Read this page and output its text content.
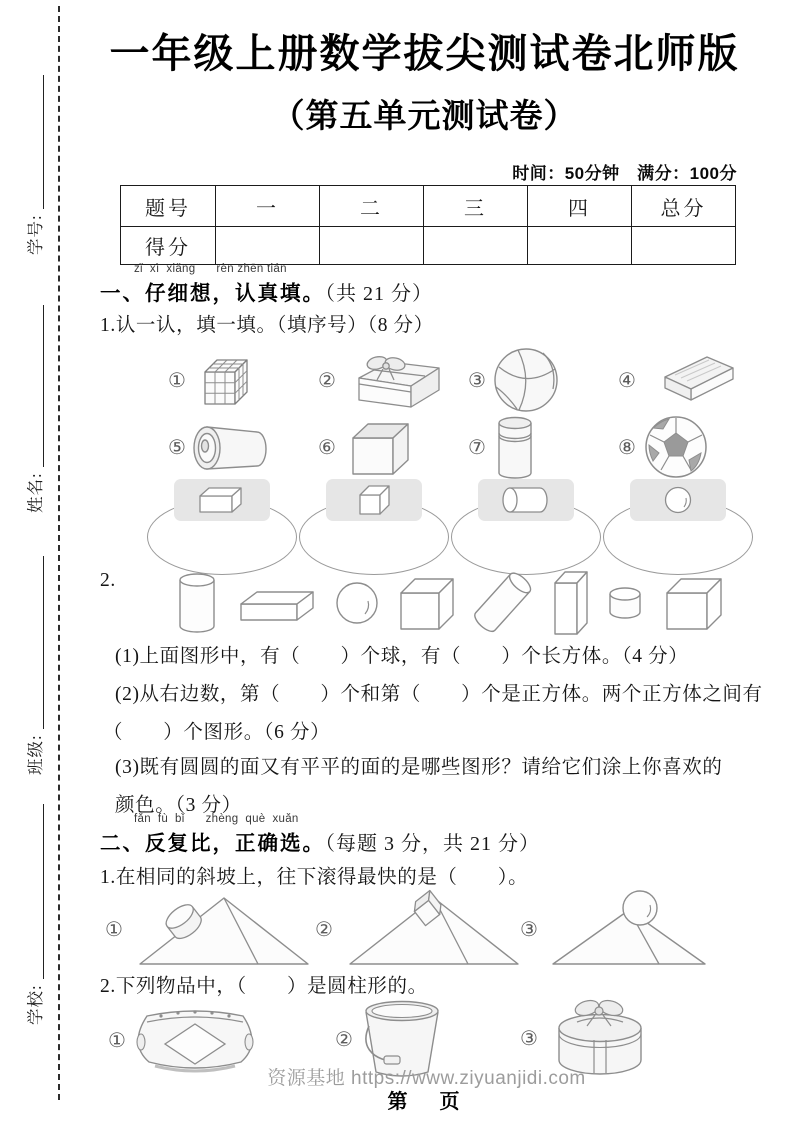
学号:
姓名:
班级:
学校:
一年级上册数学拔尖测试卷北师版
（第五单元测试卷）
时间：50分钟　满分：100分
题号	一	二	三	四	总分
得分					
zǐ  xì  xiǎng      rèn zhēn tián
一、仔细想，认真填。（共 21 分）
1.认一认，填一填。（填序号）（8 分）
①	②	③	④
⑤	⑥	⑦	⑧
2.
(1)上面图形中，有（　　）个球，有（　　）个长方体。（4 分）
(2)从右边数，第（　　）个和第（　　）个是正方体。两个正方体之间有
（　　）个图形。（6 分）
(3)既有圆圆的面又有平平的面的是哪些图形？请给它们涂上你喜欢的
颜色。（3 分）
fǎn  fù  bǐ      zhèng  què  xuǎn
二、反复比，正确选。（每题 3 分，共 21 分）
1.在相同的斜坡上，往下滚得最快的是（　　）。
①	②	③
2.下列物品中，（　　）是圆柱形的。
①	②	③
资源基地 https://www.ziyuanjidi.com
第　页
